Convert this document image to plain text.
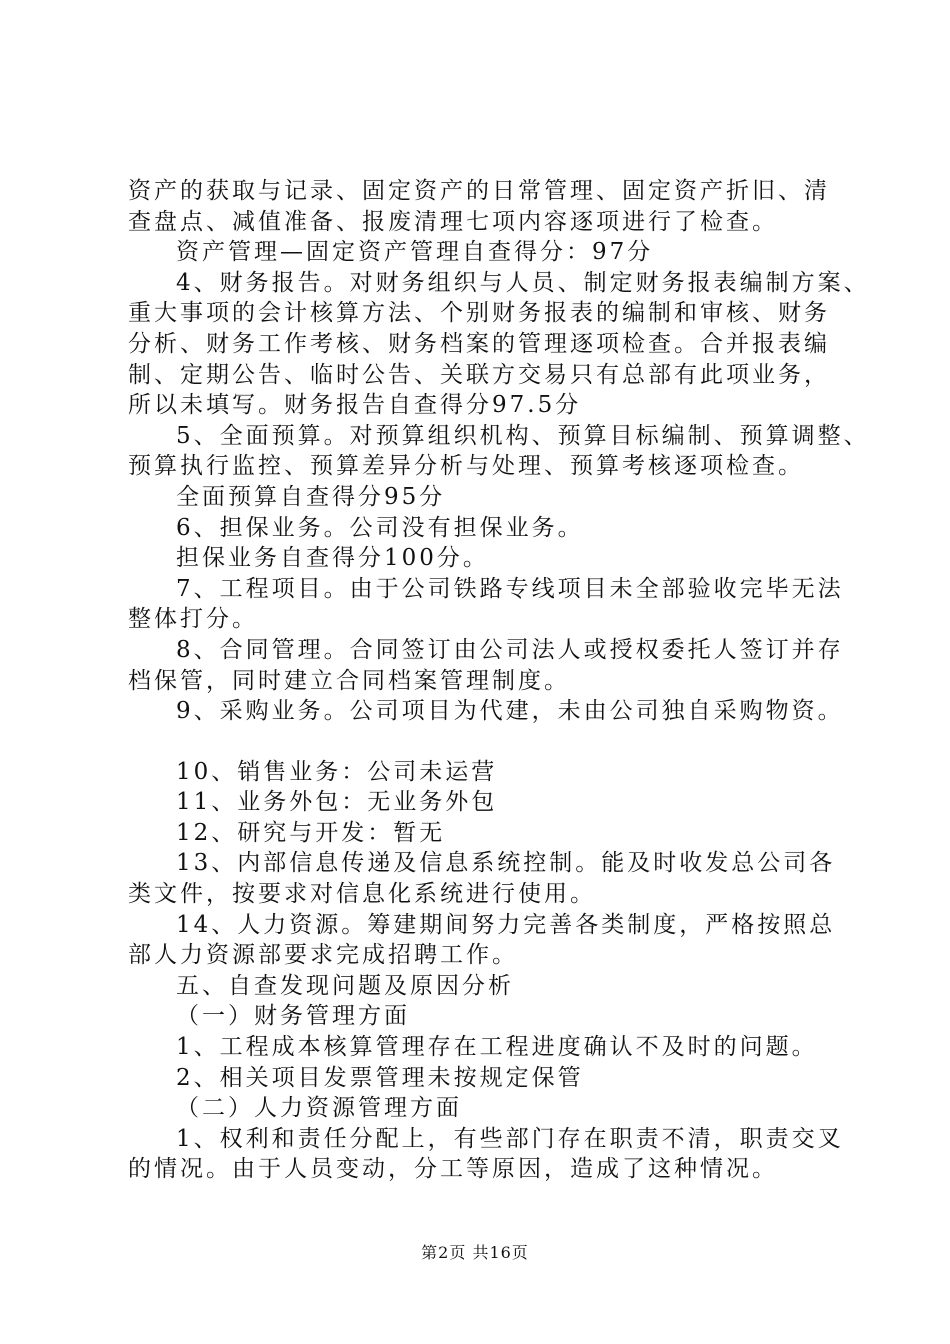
资产的获取与记录、固定资产的日常管理、固定资产折旧、清
查盘点、减值准备、报废清理七项内容逐项进行了检查。
资产管理—固定资产管理自查得分：97分
4、财务报告。对财务组织与人员、制定财务报表编制方案、
重大事项的会计核算方法、个别财务报表的编制和审核、财务
分析、财务工作考核、财务档案的管理逐项检查。合并报表编
制、定期公告、临时公告、关联方交易只有总部有此项业务，
所以未填写。财务报告自查得分97.5分
5、全面预算。对预算组织机构、预算目标编制、预算调整、
预算执行监控、预算差异分析与处理、预算考核逐项检查。
全面预算自查得分95分
6、担保业务。公司没有担保业务。
担保业务自查得分100分。
7、工程项目。由于公司铁路专线项目未全部验收完毕无法
整体打分。
8、合同管理。合同签订由公司法人或授权委托人签订并存
档保管，同时建立合同档案管理制度。
9、采购业务。公司项目为代建，未由公司独自采购物资。
10、销售业务：公司未运营
11、业务外包：无业务外包
12、研究与开发：暂无
13、内部信息传递及信息系统控制。能及时收发总公司各
类文件，按要求对信息化系统进行使用。
14、人力资源。筹建期间努力完善各类制度，严格按照总
部人力资源部要求完成招聘工作。
五、自查发现问题及原因分析
（一）财务管理方面
1、工程成本核算管理存在工程进度确认不及时的问题。
2、相关项目发票管理未按规定保管
（二）人力资源管理方面
1、权利和责任分配上，有些部门存在职责不清，职责交叉
的情况。由于人员变动，分工等原因，造成了这种情况。
第2页 共16页
